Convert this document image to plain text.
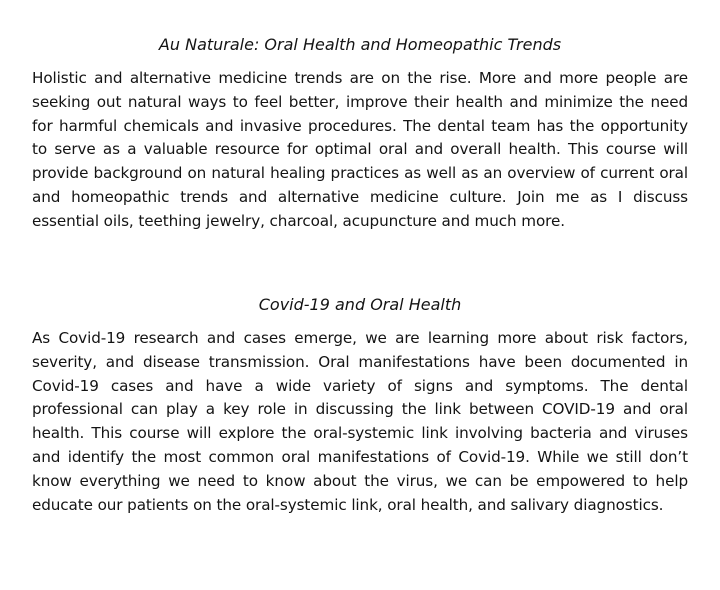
Au Naturale: Oral Health and Homeopathic Trends

Holistic and alternative medicine trends are on the rise. More and more people are seeking out natural ways to feel better, improve their health and minimize the need for harmful chemicals and invasive procedures. The dental team has the opportunity to serve as a valuable resource for optimal oral and overall health. This course will provide background on natural healing practices as well as an overview of current oral and homeopathic trends and alternative medicine culture. Join me as I discuss essential oils, teething jewelry, charcoal, acupuncture and much more.

Covid-19 and Oral Health

As Covid-19 research and cases emerge, we are learning more about risk factors, severity, and disease transmission. Oral manifestations have been documented in Covid-19 cases and have a wide variety of signs and symptoms. The dental professional can play a key role in discussing the link between COVID-19 and oral health. This course will explore the oral-systemic link involving bacteria and viruses and identify the most common oral manifestations of Covid-19. While we still don’t know everything we need to know about the virus, we can be empowered to help educate our patients on the oral-systemic link, oral health, and salivary diagnostics.
